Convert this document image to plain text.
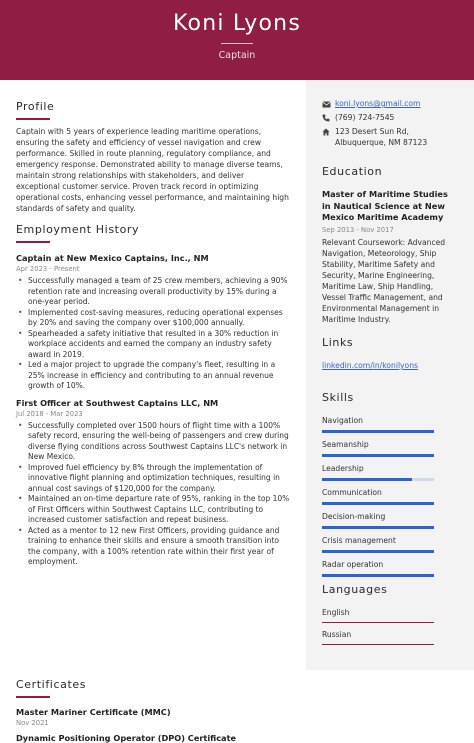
Koni Lyons
Captain
Profile

Captain with 5 years of experience leading maritime operations, ensuring the safety and efficiency of vessel navigation and crew performance. Skilled in route planning, regulatory compliance, and emergency response. Demonstrated ability to manage diverse teams, maintain strong relationships with stakeholders, and deliver exceptional customer service. Proven track record in optimizing operational costs, enhancing vessel performance, and maintaining high standards of safety and quality.

Employment History
Captain at New Mexico Captains, Inc., NM
Apr 2023 - Present
• Successfully managed a team of 25 crew members, achieving a 90% retention rate and increasing overall productivity by 15% during a one-year period.
• Implemented cost-saving measures, reducing operational expenses by 20% and saving the company over $100,000 annually.
• Spearheaded a safety initiative that resulted in a 30% reduction in workplace accidents and earned the company an industry safety award in 2019.
• Led a major project to upgrade the company's fleet, resulting in a 25% increase in efficiency and contributing to an annual revenue growth of 10%.
First Officer at Southwest Captains LLC, NM
Jul 2018 - Mar 2023
• Successfully completed over 1500 hours of flight time with a 100% safety record, ensuring the well-being of passengers and crew during diverse flying conditions across Southwest Captains LLC's network in New Mexico.
• Improved fuel efficiency by 8% through the implementation of innovative flight planning and optimization techniques, resulting in annual cost savings of $120,000 for the company.
• Maintained an on-time departure rate of 95%, ranking in the top 10% of First Officers within Southwest Captains LLC, contributing to increased customer satisfaction and repeat business.
• Acted as a mentor to 12 new First Officers, providing guidance and training to enhance their skills and ensure a smooth transition into the company, with a 100% retention rate within their first year of employment.
Certificates
Master Mariner Certificate (MMC)
Nov 2021
Dynamic Positioning Operator (DPO) Certificate
koni.lyons@gmail.com
(769) 724-7545
123 Desert Sun Rd, Albuquerque, NM 87123
Education
Master of Maritime Studies in Nautical Science at New Mexico Maritime Academy
Sep 2013 - Nov 2017
Relevant Coursework: Advanced Navigation, Meteorology, Ship Stability, Maritime Safety and Security, Marine Engineering, Maritime Law, Ship Handling, Vessel Traffic Management, and Environmental Management in Maritime Industry.
Links
linkedin.com/in/konilyons
Skills
Navigation
Seamanship
Leadership
Communication
Decision-making
Crisis management
Radar operation
Languages
English
Russian
